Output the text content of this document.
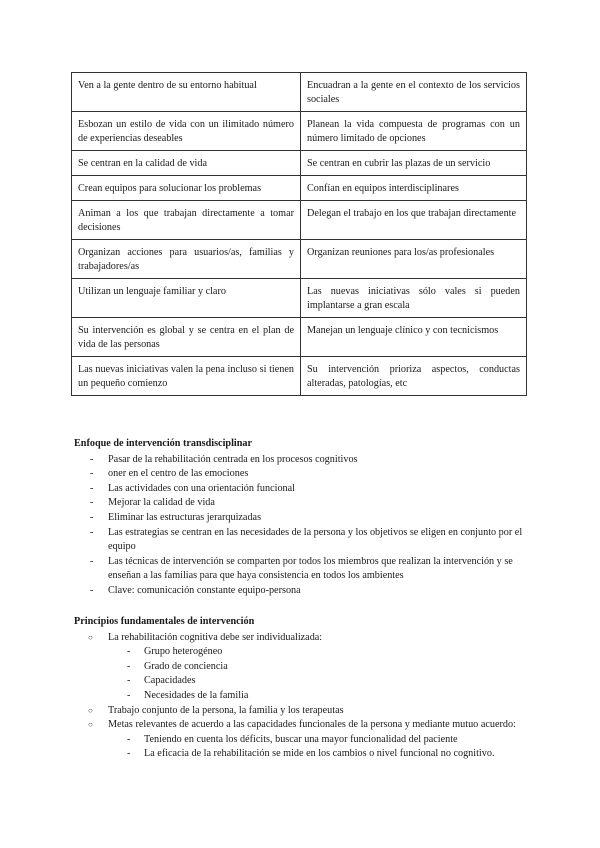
Ven a la gente dentro de su entorno habitual	Encuadran a la gente en el contexto de los servicios sociales
Esbozan un estilo de vida con un ilimitado número de experiencias deseables	Planean la vida compuesta de programas con un número limitado de opciones
Se centran en la calidad de vida	Se centran en cubrir las plazas de un servicio
Crean equipos para solucionar los problemas	Confían en equipos interdisciplinares
Animan a los que trabajan directamente a tomar decisiones	Delegan el trabajo en los que trabajan directamente
Organizan acciones para usuarios/as, familias y trabajadores/as	Organizan reuniones para los/as profesionales
Utilizan un lenguaje familiar y claro	Las nuevas iniciativas sólo vales si pueden implantarse a gran escala
Su intervención es global y se centra en el plan de vida de las personas	Manejan un lenguaje clínico y con tecnicismos
Las nuevas iniciativas valen la pena incluso si tienen un pequeño comienzo	Su intervención prioriza aspectos, conductas alteradas, patologías, etc
Enfoque de intervención transdisciplinar
- Pasar de la rehabilitación centrada en los procesos cognitivos
- oner en el centro de las emociones
- Las actividades con una orientación funcional
- Mejorar la calidad de vida
- Eliminar las estructuras jerarquizadas
- Las estrategias se centran en las necesidades de la persona y los objetivos se eligen en conjunto por el equipo
- Las técnicas de intervención se comparten por todos los miembros que realizan la intervención y se enseñan a las familias para que haya consistencia en todos los ambientes
- Clave: comunicación constante equipo-persona
Principios fundamentales de intervención
○ La rehabilitación cognitiva debe ser individualizada:
- Grupo heterogéneo
- Grado de conciencia
- Capacidades
- Necesidades de la familia
○ Trabajo conjunto de la persona, la familia y los terapeutas
○ Metas relevantes de acuerdo a las capacidades funcionales de la persona y mediante mutuo acuerdo:
- Teniendo en cuenta los déficits, buscar una mayor funcionalidad del paciente
- La eficacia de la rehabilitación se mide en los cambios o nivel funcional no cognitivo.
